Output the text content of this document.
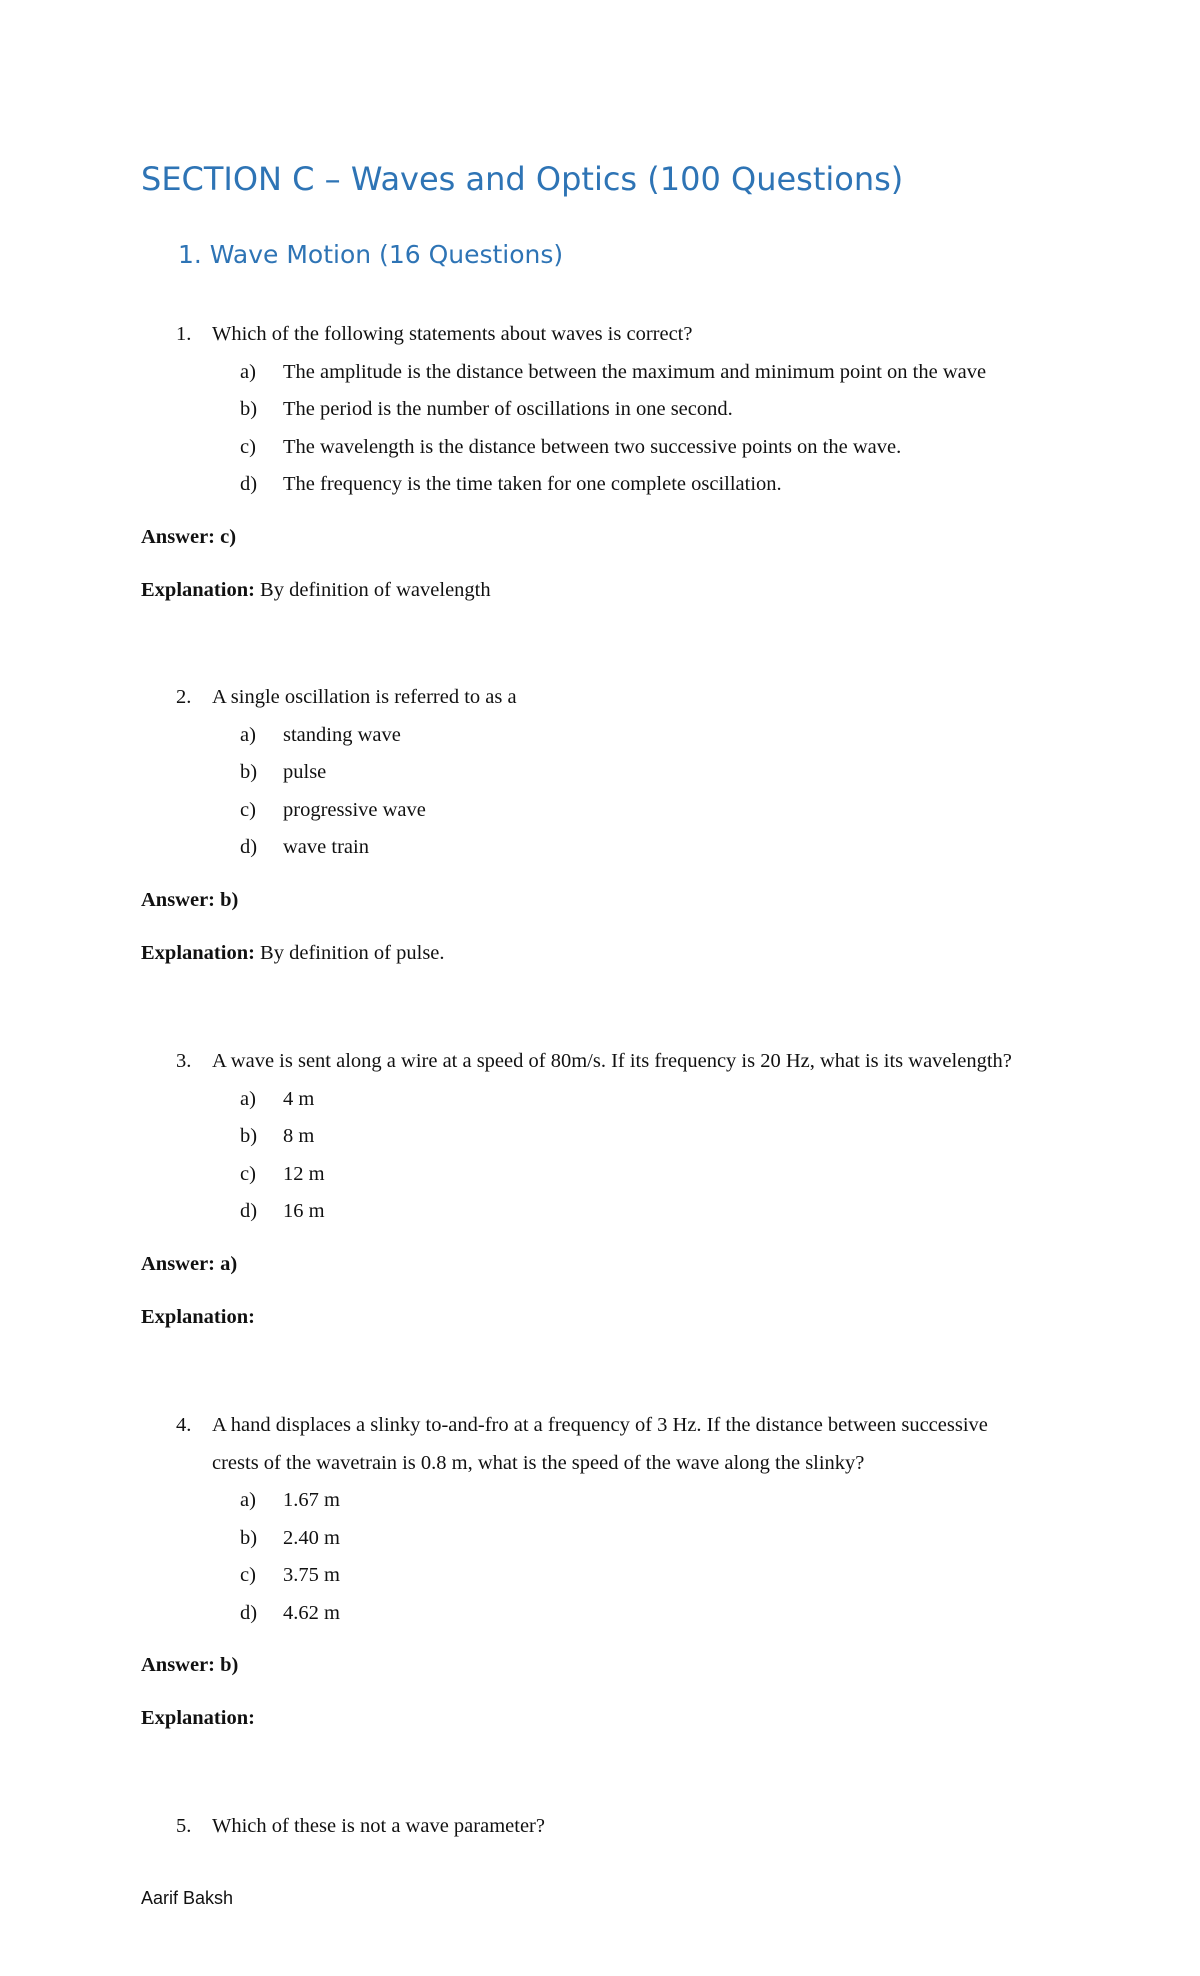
SECTION C – Waves and Optics (100 Questions)
1. Wave Motion (16 Questions)
1. Which of the following statements about waves is correct?
a) The amplitude is the distance between the maximum and minimum point on the wave
b) The period is the number of oscillations in one second.
c) The wavelength is the distance between two successive points on the wave.
d) The frequency is the time taken for one complete oscillation.
Answer: c)
Explanation: By definition of wavelength
2. A single oscillation is referred to as a
a) standing wave
b) pulse
c) progressive wave
d) wave train
Answer: b)
Explanation: By definition of pulse.
3. A wave is sent along a wire at a speed of 80m/s. If its frequency is 20 Hz, what is its wavelength?
a) 4 m
b) 8 m
c) 12 m
d) 16 m
Answer: a)
Explanation:
4. A hand displaces a slinky to-and-fro at a frequency of 3 Hz. If the distance between successive
crests of the wavetrain is 0.8 m, what is the speed of the wave along the slinky?
a) 1.67 m
b) 2.40 m
c) 3.75 m
d) 4.62 m
Answer: b)
Explanation:
5. Which of these is not a wave parameter?
Aarif Baksh
